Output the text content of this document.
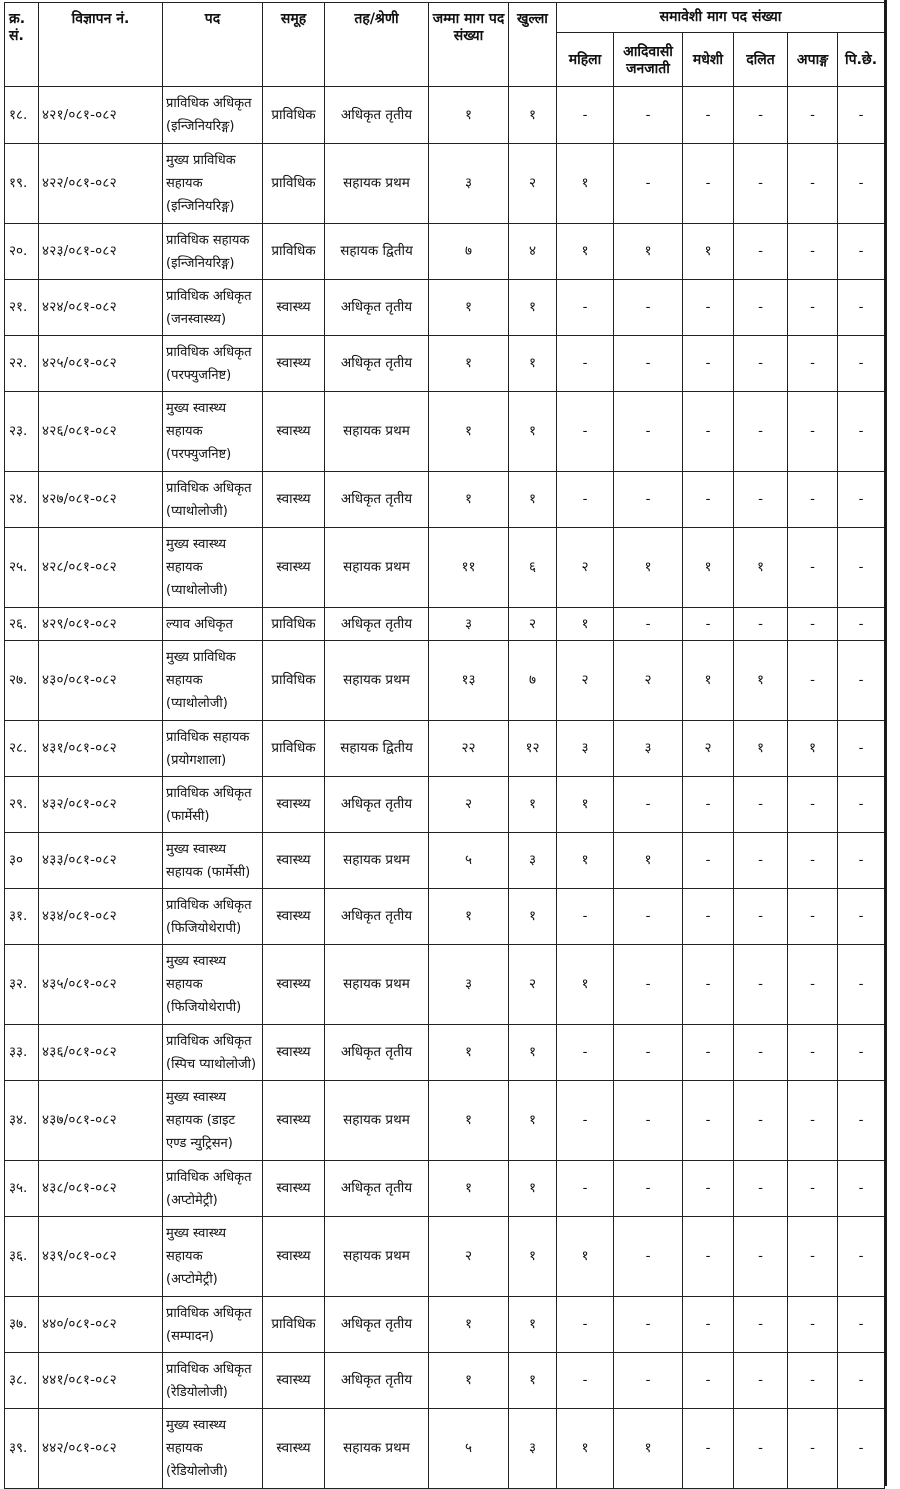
क्र. सं.	विज्ञापन नं.	पद	समूह	तह/श्रेणी	जम्मा माग पद संख्या	खुल्ला	समावेशी माग पद संख्या					
							महिला	आदिवासी जनजाती	मधेशी	दलित	अपाङ्ग	पि.छे.
१८.	४२१/०८१-०८२	प्राविधिक अधिकृत
(इन्जिनियरिङ्ग)	प्राविधिक	अधिकृत तृतीय	१	१	-	-	-	-	-	-
१९.	४२२/०८१-०८२	मुख्य प्राविधिक
सहायक
(इन्जिनियरिङ्ग)	प्राविधिक	सहायक प्रथम	३	२	१	-	-	-	-	-
२०.	४२३/०८१-०८२	प्राविधिक सहायक
(इन्जिनियरिङ्ग)	प्राविधिक	सहायक द्वितीय	७	४	१	१	१	-	-	-
२१.	४२४/०८१-०८२	प्राविधिक अधिकृत
(जनस्वास्थ्य)	स्वास्थ्य	अधिकृत तृतीय	१	१	-	-	-	-	-	-
२२.	४२५/०८१-०८२	प्राविधिक अधिकृत
(परफ्युजनिष्ट)	स्वास्थ्य	अधिकृत तृतीय	१	१	-	-	-	-	-	-
२३.	४२६/०८१-०८२	मुख्य स्वास्थ्य
सहायक
(परफ्युजनिष्ट)	स्वास्थ्य	सहायक प्रथम	१	१	-	-	-	-	-	-
२४.	४२७/०८१-०८२	प्राविधिक अधिकृत
(प्याथोलोजी)	स्वास्थ्य	अधिकृत तृतीय	१	१	-	-	-	-	-	-
२५.	४२८/०८१-०८२	मुख्य स्वास्थ्य
सहायक
(प्याथोलोजी)	स्वास्थ्य	सहायक प्रथम	११	६	२	१	१	१	-	-
२६.	४२९/०८१-०८२	ल्याव अधिकृत	प्राविधिक	अधिकृत तृतीय	३	२	१	-	-	-	-	-
२७.	४३०/०८१-०८२	मुख्य प्राविधिक
सहायक
(प्याथोलोजी)	प्राविधिक	सहायक प्रथम	१३	७	२	२	१	१	-	-
२८.	४३१/०८१-०८२	प्राविधिक सहायक
(प्रयोगशाला)	प्राविधिक	सहायक द्वितीय	२२	१२	३	३	२	१	१	-
२९.	४३२/०८१-०८२	प्राविधिक अधिकृत
(फार्मेसी)	स्वास्थ्य	अधिकृत तृतीय	२	१	१	-	-	-	-	-
३०	४३३/०८१-०८२	मुख्य स्वास्थ्य
सहायक (फार्मेसी)	स्वास्थ्य	सहायक प्रथम	५	३	१	१	-	-	-	-
३१.	४३४/०८१-०८२	प्राविधिक अधिकृत
(फिजियोथेरापी)	स्वास्थ्य	अधिकृत तृतीय	१	१	-	-	-	-	-	-
३२.	४३५/०८१-०८२	मुख्य स्वास्थ्य
सहायक
(फिजियोथेरापी)	स्वास्थ्य	सहायक प्रथम	३	२	१	-	-	-	-	-
३३.	४३६/०८१-०८२	प्राविधिक अधिकृत
(स्पिच प्याथोलोजी)	स्वास्थ्य	अधिकृत तृतीय	१	१	-	-	-	-	-	-
३४.	४३७/०८१-०८२	मुख्य स्वास्थ्य
सहायक (डाइट
एण्ड न्युट्रिसन)	स्वास्थ्य	सहायक प्रथम	१	१	-	-	-	-	-	-
३५.	४३८/०८१-०८२	प्राविधिक अधिकृत
(अप्टोमेट्री)	स्वास्थ्य	अधिकृत तृतीय	१	१	-	-	-	-	-	-
३६.	४३९/०८१-०८२	मुख्य स्वास्थ्य
सहायक
(अप्टोमेट्री)	स्वास्थ्य	सहायक प्रथम	२	१	१	-	-	-	-	-
३७.	४४०/०८१-०८२	प्राविधिक अधिकृत
(सम्पादन)	प्राविधिक	अधिकृत तृतीय	१	१	-	-	-	-	-	-
३८.	४४१/०८१-०८२	प्राविधिक अधिकृत
(रेडियोलोजी)	स्वास्थ्य	अधिकृत तृतीय	१	१	-	-	-	-	-	-
३९.	४४२/०८१-०८२	मुख्य स्वास्थ्य
सहायक
(रेडियोलोजी)	स्वास्थ्य	सहायक प्रथम	५	३	१	१	-	-	-	-
